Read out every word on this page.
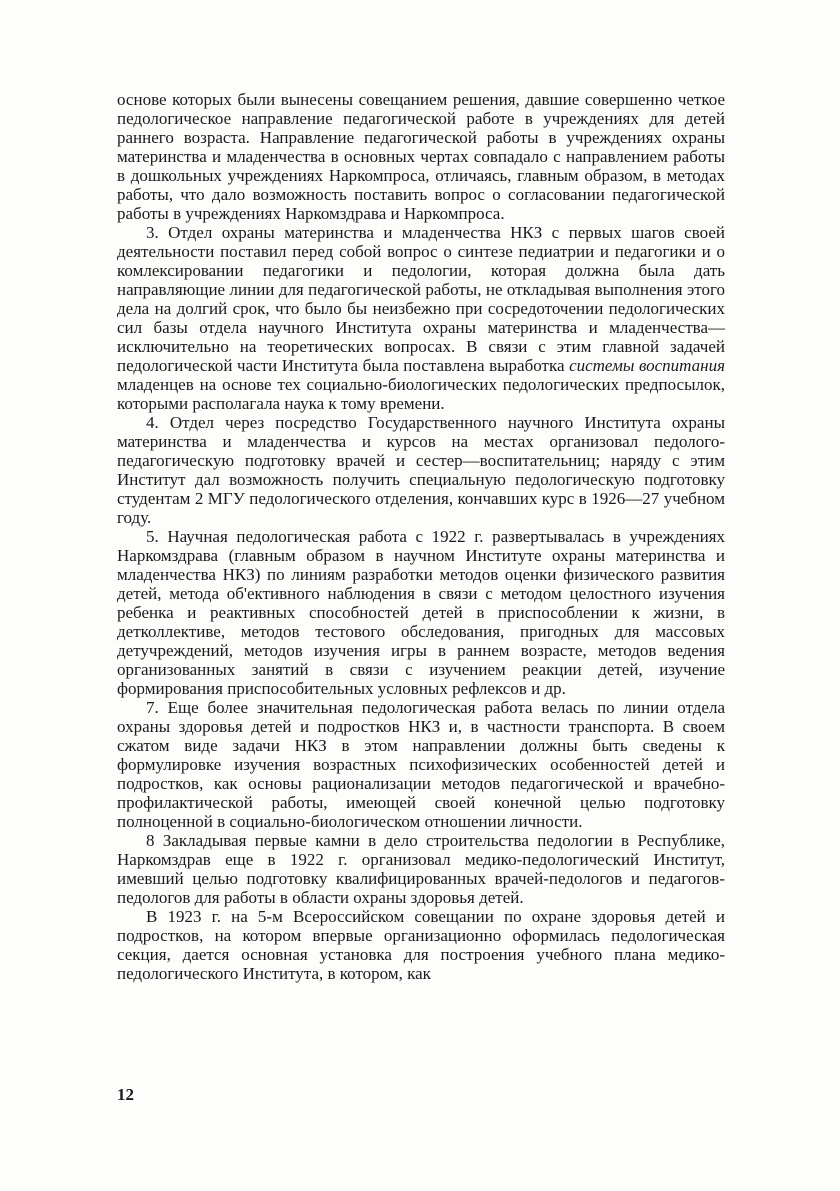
основе которых были вынесены совещанием решения, давшие совершенно четкое педологическое направление педагогической работе в учреждениях для детей раннего возраста. Направление педагогической работы в учреждениях охраны материнства и младенчества в основных чертах совпадало с направлением работы в дошкольных учреждениях Наркомпроса, отличаясь, главным образом, в методах работы, что дало возможность поставить вопрос о согласовании педагогической работы в учреждениях Наркомздрава и Наркомпроса.

3. Отдел охраны материнства и младенчества НКЗ с первых шагов своей деятельности поставил перед собой вопрос о синтезе педиатрии и педагогики и о комлексировании педагогики и педологии, которая должна была дать направляющие линии для педагогической работы, не откладывая выполнения этого дела на долгий срок, что было бы неизбежно при сосредоточении педологических сил базы отдела научного Института охраны материнства и младенчества—исключительно на теоретических вопросах. В связи с этим главной задачей педологической части Института была поставлена выработка системы воспитания младенцев на основе тех социально-биологических педологических предпосылок, которыми располагала наука к тому времени.

4. Отдел через посредство Государственного научного Института охраны материнства и младенчества и курсов на местах организовал педолого-педагогическую подготовку врачей и сестер—воспитательниц; наряду с этим Институт дал возможность получить специальную педологическую подготовку студентам 2 МГУ педологического отделения, кончавших курс в 1926—27 учебном году.

5. Научная педологическая работа с 1922 г. развертывалась в учреждениях Наркомздрава (главным образом в научном Институте охраны материнства и младенчества НКЗ) по линиям разработки методов оценки физического развития детей, метода об'ективного наблюдения в связи с методом целостного изучения ребенка и реактивных способностей детей в приспособлении к жизни, в детколлективе, методов тестового обследования, пригодных для массовых детучреждений, методов изучения игры в раннем возрасте, методов ведения организованных занятий в связи с изучением реакции детей, изучение формирования приспособительных условных рефлексов и др.

7. Еще более значительная педологическая работа велась по линии отдела охраны здоровья детей и подростков НКЗ и, в частности транспорта. В своем сжатом виде задачи НКЗ в этом направлении должны быть сведены к формулировке изучения возрастных психофизических особенностей детей и подростков, как основы рационализации методов педагогической и врачебно-профилактической работы, имеющей своей конечной целью подготовку полноценной в социально-биологическом отношении личности.

8 Закладывая первые камни в дело строительства педологии в Республике, Наркомздрав еще в 1922 г. организовал медико-педологический Институт, имевший целью подготовку квалифицированных врачей-педологов и педагогов-педологов для работы в области охраны здоровья детей.

В 1923 г. на 5-м Всероссийском совещании по охране здоровья детей и подростков, на котором впервые организационно оформилась педологическая секция, дается основная установка для построения учебного плана медико-педологического Института, в котором, как

12
